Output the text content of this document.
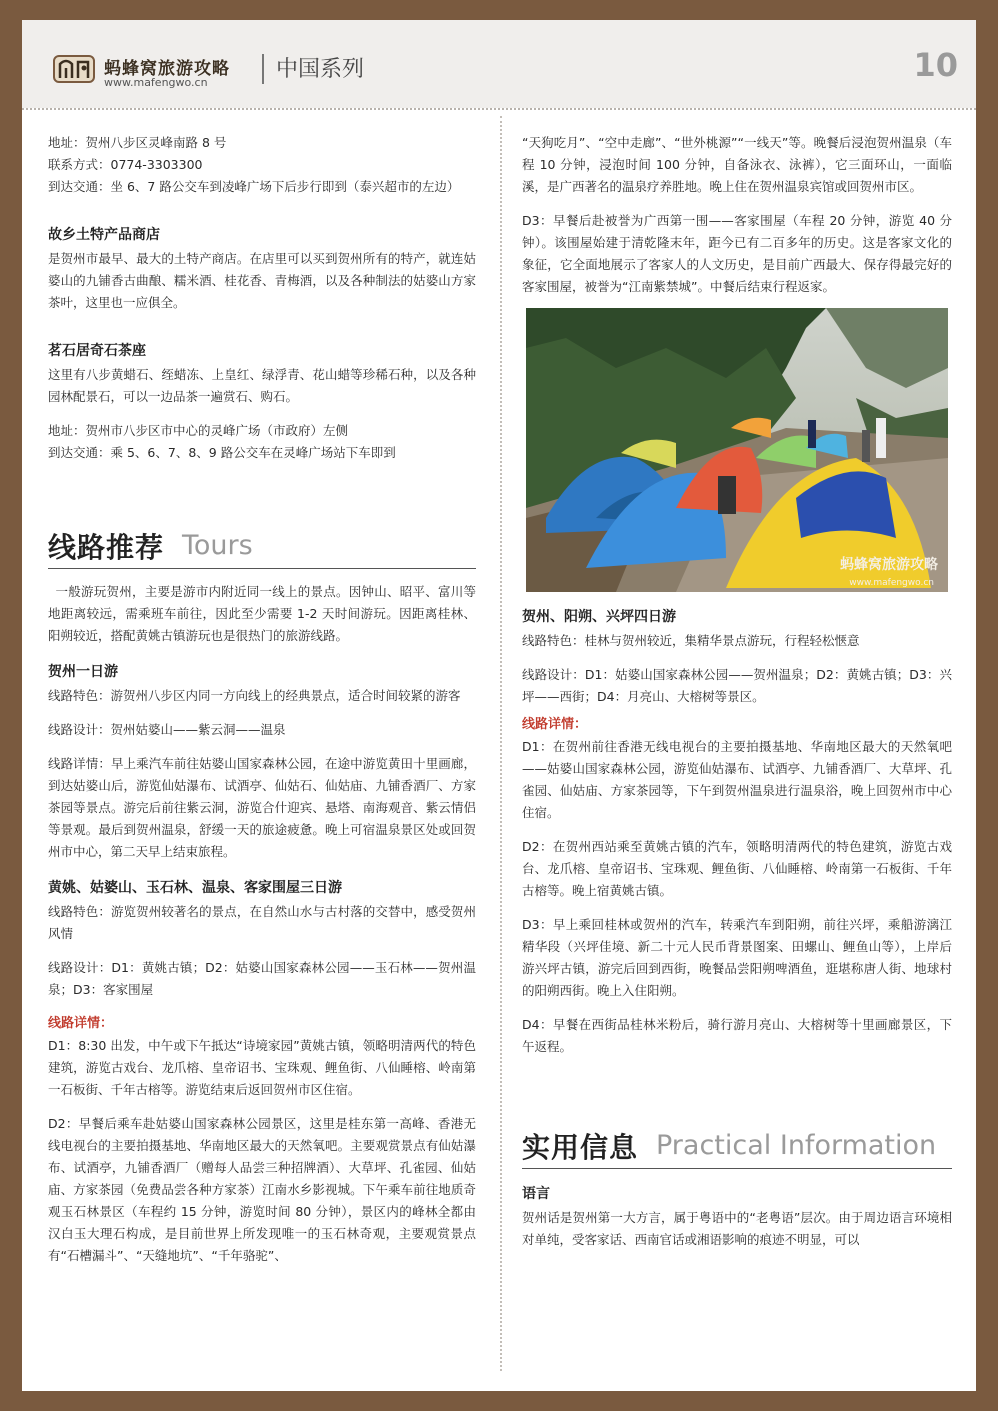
蚂蜂窝旅游攻略
www.mafengwo.cn
中国系列	10

地址：贺州八步区灵峰南路 8 号

联系方式：0774-3303300

到达交通：坐 6、7 路公交车到凌峰广场下后步行即到（泰兴超市的左边）

故乡土特产品商店

是贺州市最早、最大的土特产商店。在店里可以买到贺州所有的特产，就连姑婆山的九铺香古曲酿、糯米酒、桂花香、青梅酒，以及各种制法的姑婆山方家茶叶，这里也一应俱全。

茗石居奇石茶座

这里有八步黄蜡石、绖蜡冻、上皇红、绿浮青、花山蜡等珍稀石种，以及各种园林配景石，可以一边品茶一遍赏石、购石。

地址：贺州市八步区市中心的灵峰广场（市政府）左侧

到达交通：乘 5、6、7、8、9 路公交车在灵峰广场站下车即到

线路推荐 Tours

一般游玩贺州，主要是游市内附近同一线上的景点。因钟山、昭平、富川等地距离较远，需乘班车前往，因此至少需要 1-2 天时间游玩。因距离桂林、阳朔较近，搭配黄姚古镇游玩也是很热门的旅游线路。

贺州一日游

线路特色：游贺州八步区内同一方向线上的经典景点，适合时间较紧的游客

线路设计：贺州姑婆山——紫云洞——温泉

线路详情：早上乘汽车前往姑婆山国家森林公园，在途中游览黄田十里画廊，到达姑婆山后，游览仙姑瀑布、试酒亭、仙姑石、仙姑庙、九铺香酒厂、方家茶园等景点。游完后前往紫云洞，游览合什迎宾、悬塔、南海观音、紫云情侣等景观。最后到贺州温泉，舒缓一天的旅途疲惫。晚上可宿温泉景区处或回贺州市中心，第二天早上结束旅程。

黄姚、姑婆山、玉石林、温泉、客家围屋三日游

线路特色：游览贺州较著名的景点，在自然山水与古村落的交替中，感受贺州风情

线路设计：D1：黄姚古镇；D2：姑婆山国家森林公园——玉石林——贺州温泉；D3：客家围屋

线路详情：

D1：8:30 出发，中午或下午抵达“诗境家园”黄姚古镇，领略明清两代的特色建筑，游览古戏台、龙爪榕、皇帝诏书、宝珠观、鲤鱼街、八仙睡榕、岭南第一石板街、千年古榕等。游览结束后返回贺州市区住宿。

D2：早餐后乘车赴姑婆山国家森林公园景区，这里是桂东第一高峰、香港无线电视台的主要拍摄基地、华南地区最大的天然氧吧。主要观赏景点有仙姑瀑布、试酒亭，九铺香酒厂（赠每人品尝三种招牌酒）、大草坪、孔雀园、仙姑庙、方家茶园（免费品尝各种方家茶）江南水乡影视城。下午乘车前往地质奇观玉石林景区（车程约 15 分钟，游览时间 80 分钟），景区内的峰林全都由汉白玉大理石构成，是目前世界上所发现唯一的玉石林奇观，主要观赏景点有“石槽漏斗”、“天缝地坑”、“千年骆驼”、

“天狗吃月”、“空中走廊”、“世外桃源”“一线天”等。晚餐后浸泡贺州温泉（车程 10 分钟，浸泡时间 100 分钟，自备泳衣、泳裤），它三面环山，一面临溪，是广西著名的温泉疗养胜地。晚上住在贺州温泉宾馆或回贺州市区。

D3：早餐后赴被誉为广西第一围——客家围屋（车程 20 分钟，游览 40 分钟）。该围屋始建于清乾隆末年，距今已有二百多年的历史。这是客家文化的象征，它全面地展示了客家人的人文历史，是目前广西最大、保存得最完好的客家围屋，被誉为“江南紫禁城”。中餐后结束行程返家。

蚂蜂窝旅游攻略
www.mafengwo.cn
贺州、阳朔、兴坪四日游

线路特色：桂林与贺州较近，集精华景点游玩，行程轻松惬意

线路设计：D1：姑婆山国家森林公园——贺州温泉；D2：黄姚古镇；D3：兴坪——西街；D4：月亮山、大榕树等景区。

线路详情：

D1：在贺州前往香港无线电视台的主要拍摄基地、华南地区最大的天然氧吧——姑婆山国家森林公园，游览仙姑瀑布、试酒亭、九铺香酒厂、大草坪、孔雀园、仙姑庙、方家茶园等，下午到贺州温泉进行温泉浴，晚上回贺州市中心住宿。

D2：在贺州西站乘至黄姚古镇的汽车，领略明清两代的特色建筑，游览古戏台、龙爪榕、皇帝诏书、宝珠观、鲤鱼街、八仙睡榕、岭南第一石板街、千年古榕等。晚上宿黄姚古镇。

D3：早上乘回桂林或贺州的汽车，转乘汽车到阳朔，前往兴坪，乘船游漓江精华段（兴坪佳境、新二十元人民币背景图案、田螺山、鲤鱼山等），上岸后游兴坪古镇，游完后回到西街，晚餐品尝阳朔啤酒鱼，逛堪称唐人街、地球村的阳朔西街。晚上入住阳朔。

D4：早餐在西街品桂林米粉后，骑行游月亮山、大榕树等十里画廊景区，下午返程。

实用信息 Practical Information
语言

贺州话是贺州第一大方言，属于粤语中的“老粤语”层次。由于周边语言环境相对单纯，受客家话、西南官话或湘语影响的痕迹不明显，可以
